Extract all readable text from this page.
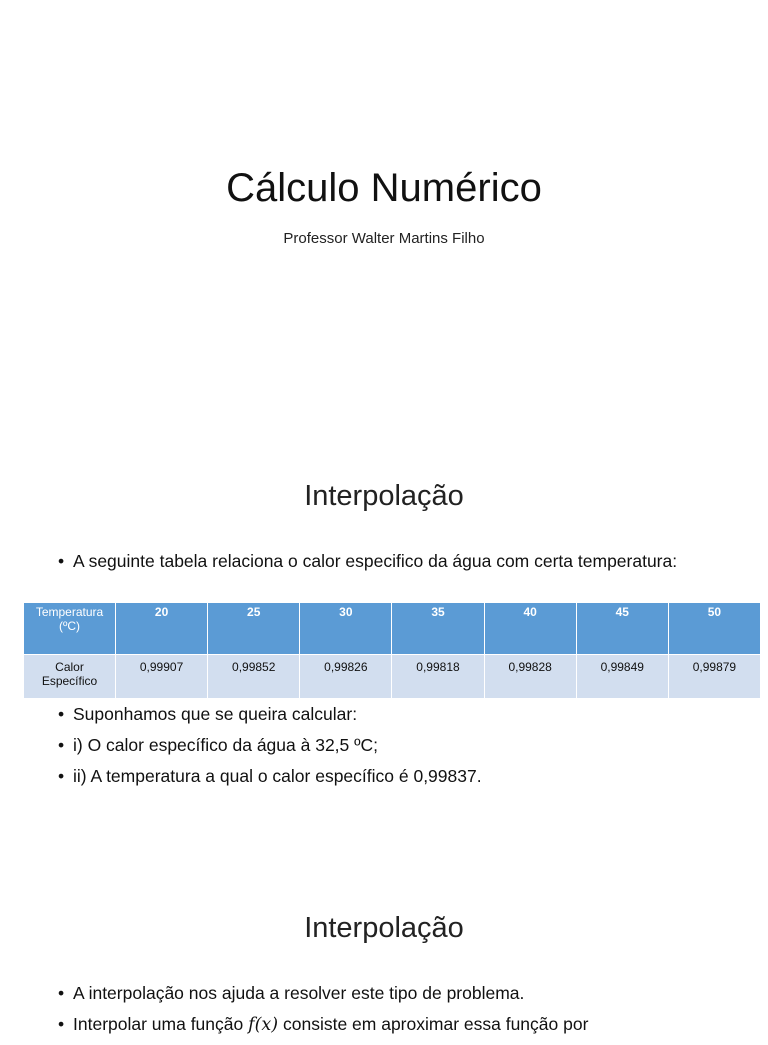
Cálculo Numérico
Professor Walter Martins Filho
Interpolação
• A seguinte tabela relaciona o calor especifico da água com certa temperatura:
Temperatura (ºC)	20	25	30	35	40	45	50
Calor Específico	0,99907	0,99852	0,99826	0,99818	0,99828	0,99849	0,99879
• Suponhamos que se queira calcular:
• i) O calor específico da água à 32,5 ºC;
• ii) A temperatura a qual o calor específico é 0,99837.
Interpolação
• A interpolação nos ajuda a resolver este tipo de problema.
• Interpolar uma função f(x) consiste em aproximar essa função por
